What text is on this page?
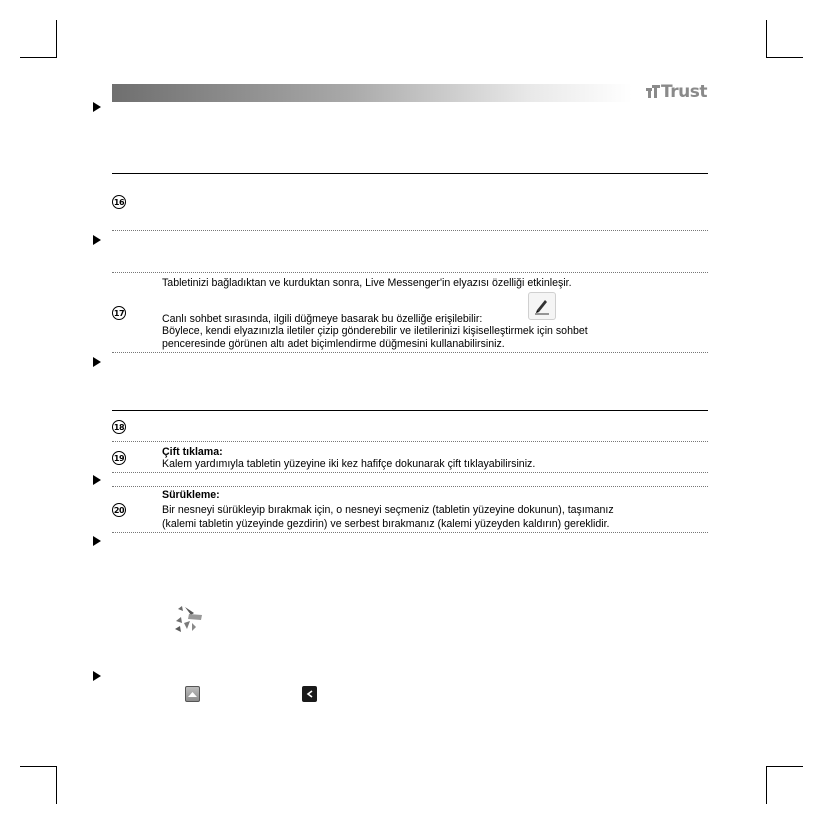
Trust
16
17
18
19
20
Tabletinizi bağladıktan ve kurduktan sonra, Live Messenger'in elyazısı özelliği etkinleşir.
Canlı sohbet sırasında, ilgili düğmeye basarak bu özelliğe erişilebilir:
Böylece, kendi elyazınızla iletiler çizip gönderebilir ve iletilerinizi kişiselleştirmek için sohbet
penceresinde görünen altı adet biçimlendirme düğmesini kullanabilirsiniz.
Çift tıklama:
Kalem yardımıyla tabletin yüzeyine iki kez hafifçe dokunarak çift tıklayabilirsiniz.
Sürükleme:
Bir nesneyi sürükleyip bırakmak için, o nesneyi seçmeniz (tabletin yüzeyine dokunun), taşımanız
(kalemi tabletin yüzeyinde gezdirin) ve serbest bırakmanız (kalemi yüzeyden kaldırın) gereklidir.
